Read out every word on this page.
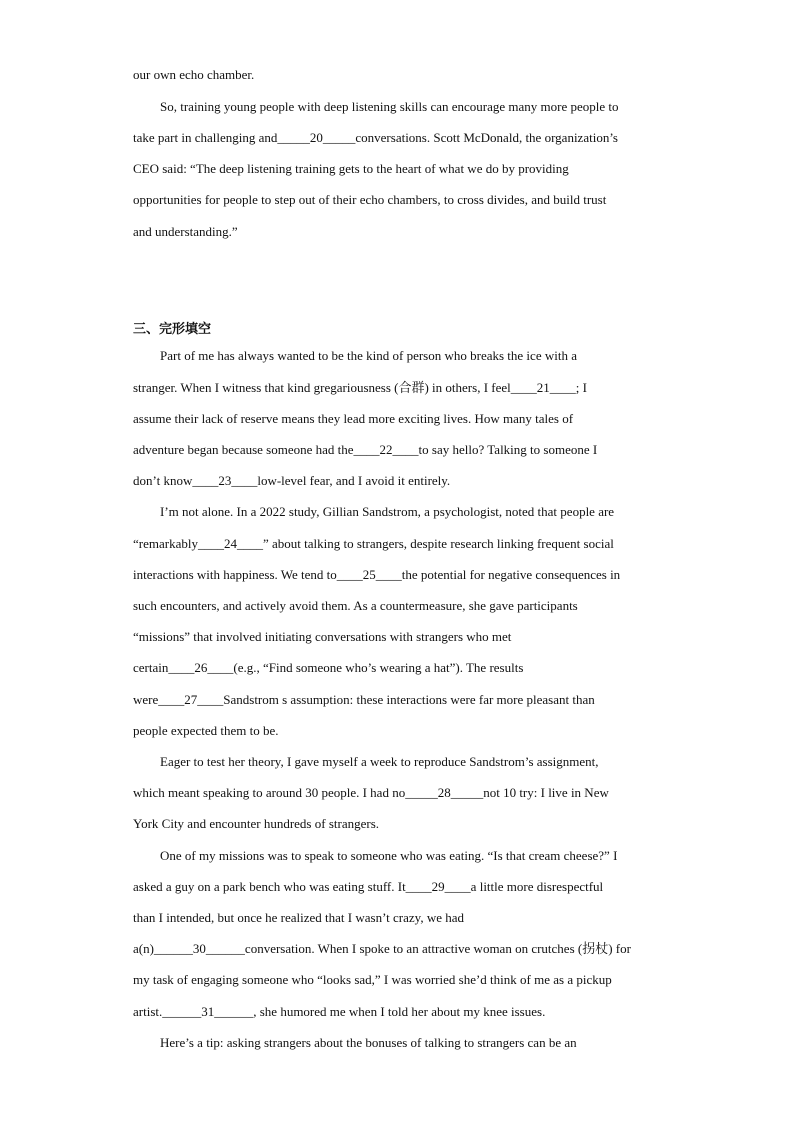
our own echo chamber.
So, training young people with deep listening skills can encourage many more people to
take part in challenging and_____20_____conversations. Scott McDonald, the organization’s
CEO said: “The deep listening training gets to the heart of what we do by providing
opportunities for people to step out of their echo chambers, to cross divides, and build trust
and understanding.”
三、完形填空
Part of me has always wanted to be the kind of person who breaks the ice with a
stranger. When I witness that kind gregariousness (合群) in others, I feel____21____; I
assume their lack of reserve means they lead more exciting lives. How many tales of
adventure began because someone had the____22____to say hello? Talking to someone I
don’t know____23____low-level fear, and I avoid it entirely.
I’m not alone. In a 2022 study, Gillian Sandstrom, a psychologist, noted that people are
“remarkably____24____” about talking to strangers, despite research linking frequent social
interactions with happiness. We tend to____25____the potential for negative consequences in
such encounters, and actively avoid them. As a countermeasure, she gave participants
“missions” that involved initiating conversations with strangers who met
certain____26____(e.g., “Find someone who’s wearing a hat”). The results
were____27____Sandstrom s assumption: these interactions were far more pleasant than
people expected them to be.
Eager to test her theory, I gave myself a week to reproduce Sandstrom’s assignment,
which meant speaking to around 30 people. I had no_____28_____not 10 try: I live in New
York City and encounter hundreds of strangers.
One of my missions was to speak to someone who was eating. “Is that cream cheese?” I
asked a guy on a park bench who was eating stuff. It____29____a little more disrespectful
than I intended, but once he realized that I wasn’t crazy, we had
a(n)______30______conversation. When I spoke to an attractive woman on crutches (拐杖) for
my task of engaging someone who “looks sad,” I was worried she’d think of me as a pickup
artist.______31______, she humored me when I told her about my knee issues.
Here’s a tip: asking strangers about the bonuses of talking to strangers can be an
